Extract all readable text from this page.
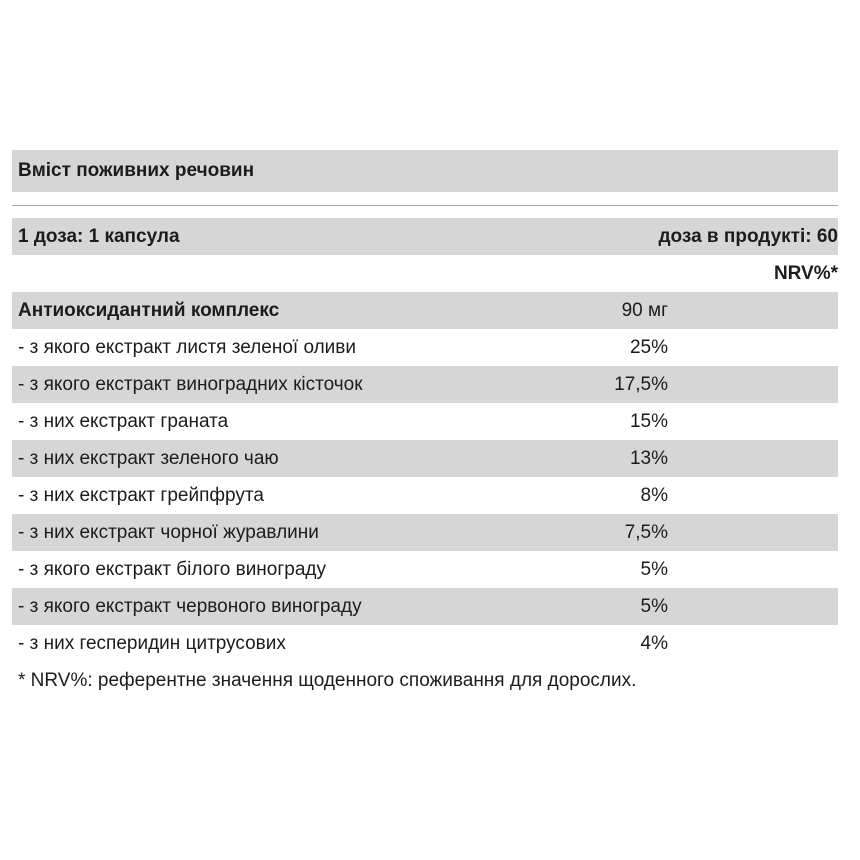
Вміст поживних речовин
1 доза: 1 капсула	доза в продукті: 60
NRV%*
Антиоксидантний комплекс	90 мг
- з якого екстракт листя зеленої оливи	25%
- з якого екстракт виноградних кісточок	17,5%
- з них екстракт граната	15%
- з них екстракт зеленого чаю	13%
- з них екстракт грейпфрута	8%
- з них екстракт чорної журавлини	7,5%
- з якого екстракт білого винограду	5%
- з якого екстракт червоного винограду	5%
- з них гесперидин цитрусових	4%
* NRV%: референтне значення щоденного споживання для дорослих.
